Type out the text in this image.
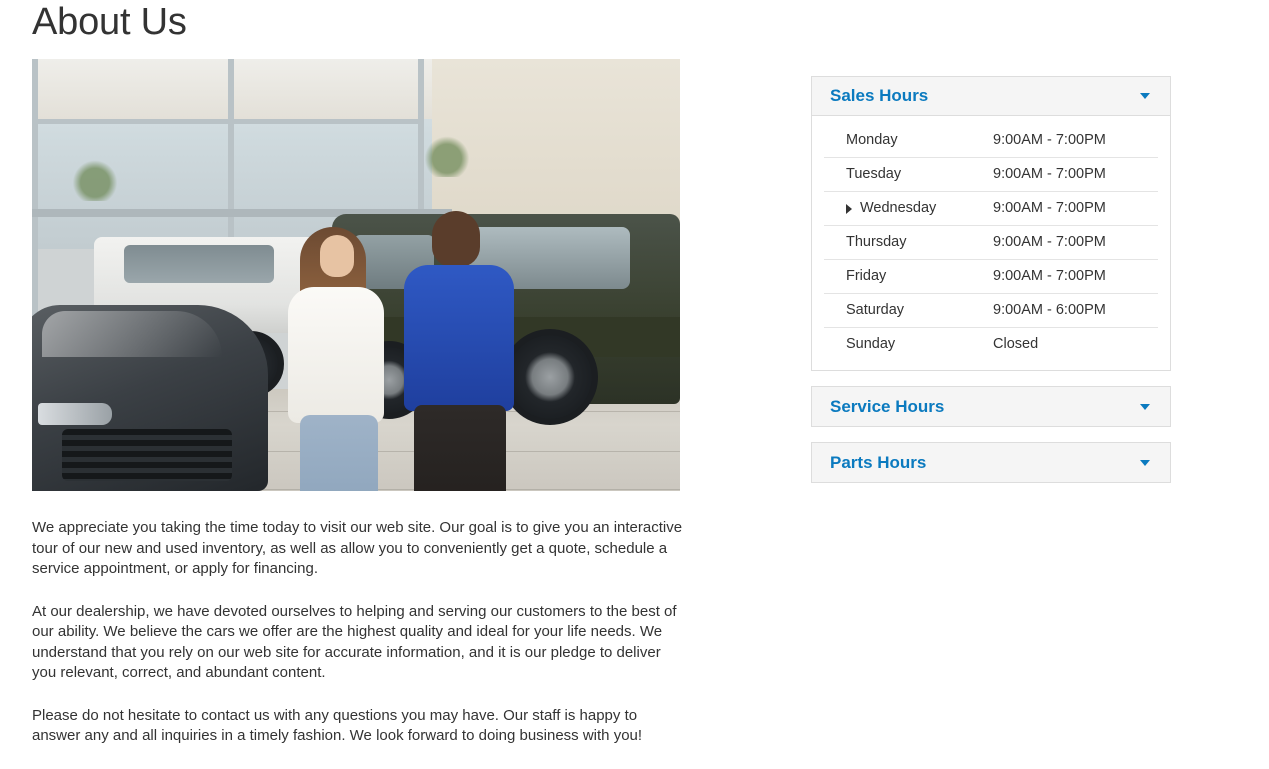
About Us

We appreciate you taking the time today to visit our web site. Our goal is to give you an interactive tour of our new and used inventory, as well as allow you to conveniently get a quote, schedule a service appointment, or apply for financing.

At our dealership, we have devoted ourselves to helping and serving our customers to the best of our ability. We believe the cars we offer are the highest quality and ideal for your life needs. We understand that you rely on our web site for accurate information, and it is our pledge to deliver you relevant, correct, and abundant content.

Please do not hesitate to contact us with any questions you may have. Our staff is happy to answer any and all inquiries in a timely fashion. We look forward to doing business with you!

Sales Hours
Monday	9:00AM - 7:00PM
Tuesday	9:00AM - 7:00PM

Wednesday	9:00AM - 7:00PM
Thursday	9:00AM - 7:00PM
Friday	9:00AM - 7:00PM
Saturday	9:00AM - 6:00PM
Sunday	Closed
Service Hours
Parts Hours
